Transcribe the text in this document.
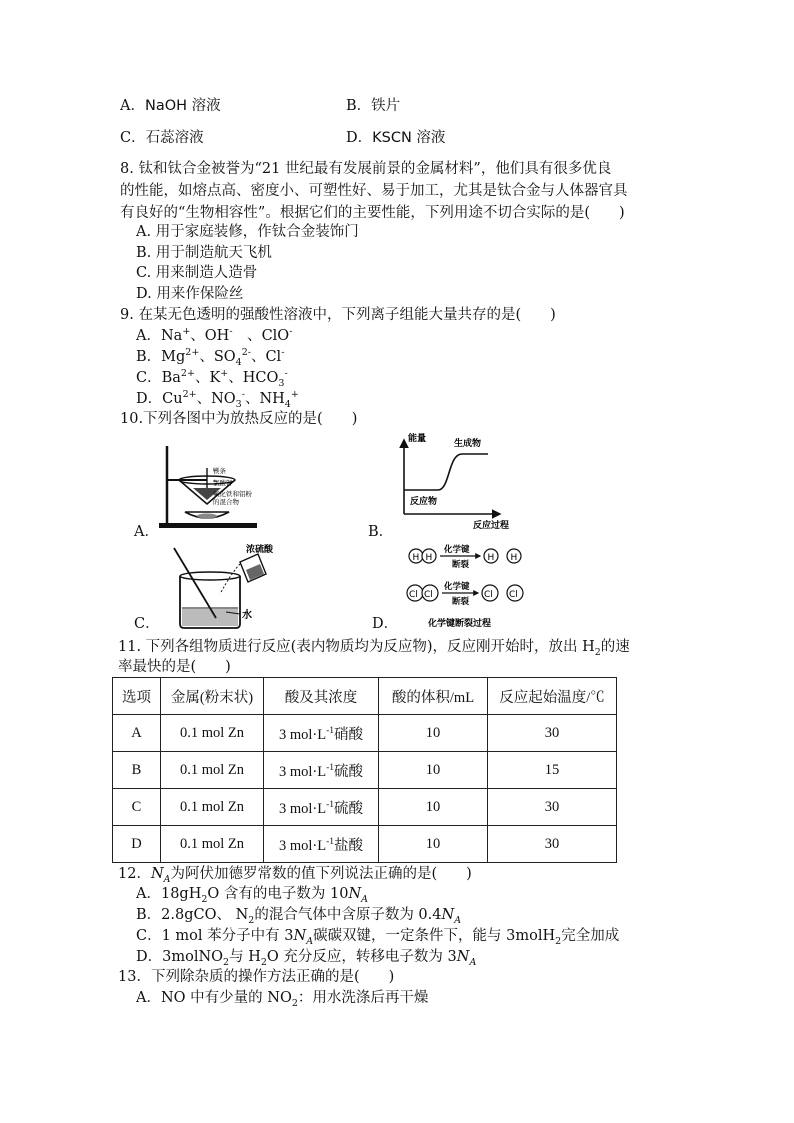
A．NaOH 溶液	B．铁片
C．石蕊溶液	D．KSCN 溶液
8. 钛和钛合金被誉为“21 世纪最有发展前景的金属材料”，他们具有很多优良
的性能，如熔点高、密度小、可塑性好、易于加工，尤其是钛合金与人体器官具
有良好的“生物相容性”。根据它们的主要性能，下列用途不切合实际的是(　　)
A. 用于家庭装修，作钛合金装饰门
B. 用于制造航天飞机
C. 用来制造人造骨
D. 用来作保险丝
9. 在某无色透明的强酸性溶液中，下列离子组能大量共存的是(　　)
A．Na+、OH-　、ClO-
B．$Mg^{2+}$、$SO_4^{2-}$、Cl-
C．$Ba^{2+}$、K+、$HCO_3^-$
D．$Cu^{2+}$、$NO_3^-$、$NH_4^+$
10.下列各图中为放热反应的是(　　)
A．	B．
C．	D．
镁条
氯酸钾
氧化铁和铝粉
的混合物
能量	生成物
反应物
反应过程
浓硫酸
水
H H
化学键
断裂
H H
Cl Cl
化学键
断裂
Cl Cl
化学键断裂过程
11. 下列各组物质进行反应(表内物质均为反应物)，反应刚开始时，放出 $H_2$的速
率最快的是(　　)
选项	金属(粉末状)	酸及其浓度	酸的体积/mL	反应起始温度/℃
A	0.1 mol Zn	3 $mol\cdot L^{-1}$硝酸	10	30
B	0.1 mol Zn	3 $mol\cdot L^{-1}$硫酸	10	15
C	0.1 mol Zn	3 $mol\cdot L^{-1}$硫酸	10	30
D	0.1 mol Zn	3 $mol\cdot L^{-1}$盐酸	10	30
12．$N_A$为阿伏加德罗常数的值下列说法正确的是(　　)
A．$18gH_2O$ 含有的电子数为 $10N_A$
B．2.8gCO、 $N_2$的混合气体中含原子数为 $0.4N_A$
C．1 mol 苯分子中有 $3N_A$碳碳双键，一定条件下，能与 3molH$_2$完全加成
D．3molNO$_2$与 $H_2O$ 充分反应，转移电子数为 $3N_A$
13．下列除杂质的操作方法正确的是(　　)
A．NO 中有少量的 $NO_2$：用水洗涤后再干燥
